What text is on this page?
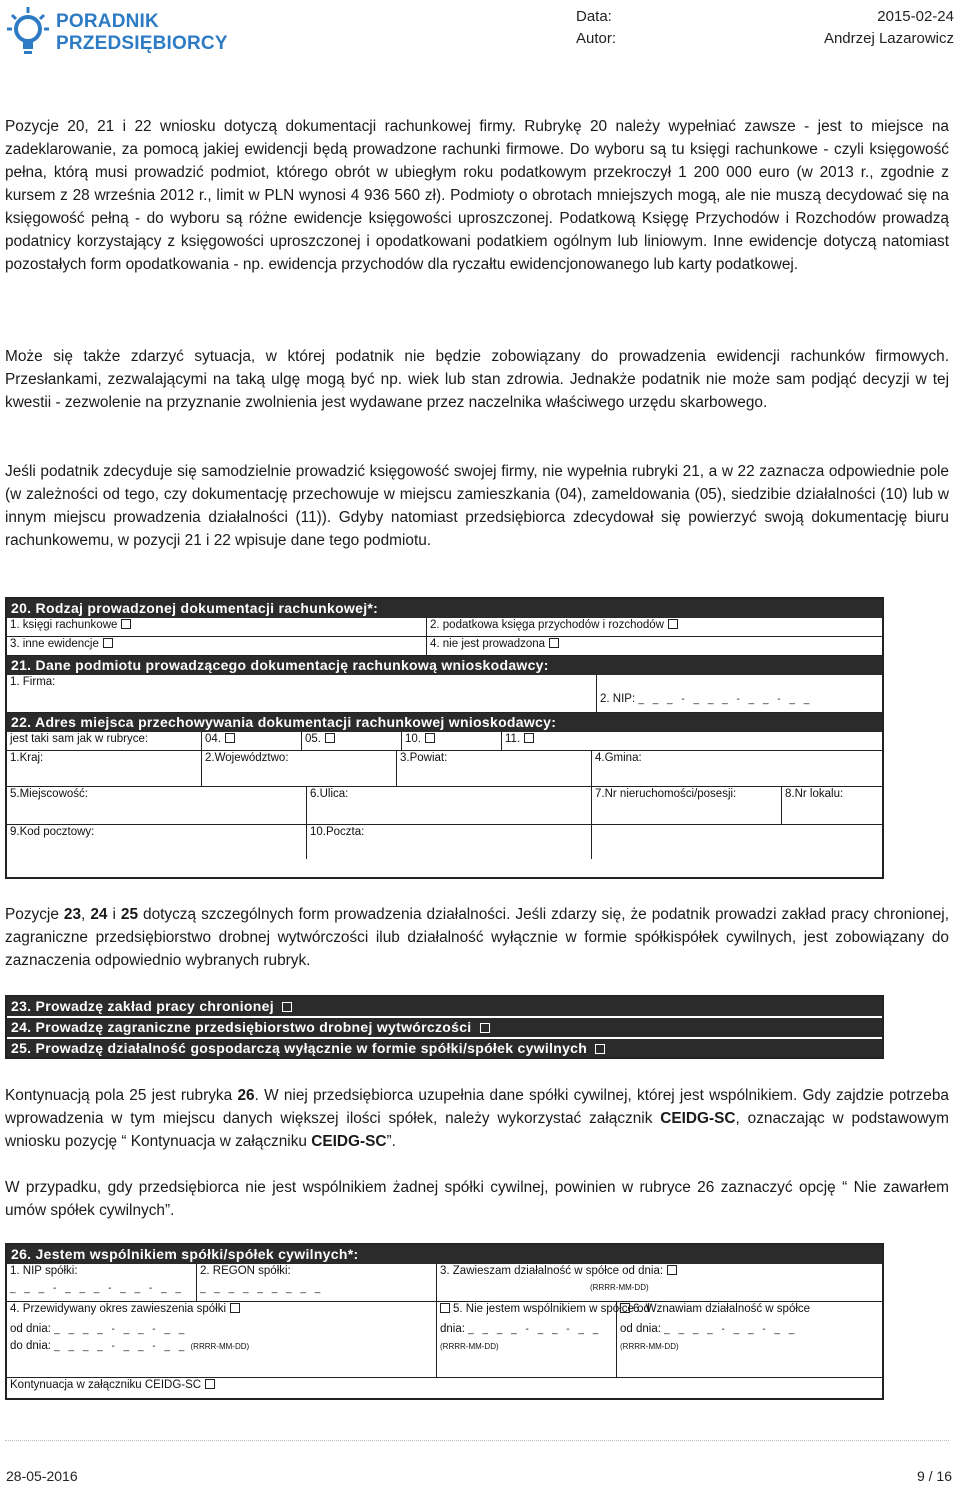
PORADNIK
PRZEDSIĘBIORCY
Data:
Autor:
2015-02-24
Andrzej Lazarowicz
Pozycje 20, 21 i 22 wniosku dotyczą dokumentacji rachunkowej firmy. Rubrykę 20 należy wypełniać zawsze - jest to miejsce na zadeklarowanie, za pomocą jakiej ewidencji będą prowadzone rachunki firmowe. Do wyboru są tu księgi rachunkowe - czyli księgowość pełna, którą musi prowadzić podmiot, którego obrót w ubiegłym roku podatkowym przekroczył 1 200 000 euro (w 2013 r., zgodnie z kursem z 28 września 2012 r., limit w PLN wynosi 4 936 560 zł). Podmioty o obrotach mniejszych mogą, ale nie muszą decydować się na księgowość pełną - do wyboru są różne ewidencje księgowości uproszczonej. Podatkową Księgę Przychodów i Rozchodów prowadzą podatnicy korzystający z księgowości uproszczonej i opodatkowani podatkiem ogólnym lub liniowym. Inne ewidencje dotyczą natomiast pozostałych form opodatkowania - np. ewidencja przychodów dla ryczałtu ewidencjonowanego lub karty podatkowej.
Może się także zdarzyć sytuacja, w której podatnik nie będzie zobowiązany do prowadzenia ewidencji rachunków firmowych. Przesłankami, zezwalającymi na taką ulgę mogą być np. wiek lub stan zdrowia. Jednakże podatnik nie może sam podjąć decyzji w tej kwestii - zezwolenie na przyznanie zwolnienia jest wydawane przez naczelnika właściwego urzędu skarbowego.
Jeśli podatnik zdecyduje się samodzielnie prowadzić księgowość swojej firmy, nie wypełnia rubryki 21, a w 22 zaznacza odpowiednie pole (w zależności od tego, czy dokumentację przechowuje w miejscu zamieszkania (04), zameldowania (05), siedzibie działalności (10) lub w innym miejscu prowadzenia działalności (11)). Gdyby natomiast przedsiębiorca zdecydował się powierzyć swoją dokumentację biuru rachunkowemu, w pozycji 21 i 22 wpisuje dane tego podmiotu.
20. Rodzaj prowadzonej dokumentacji rachunkowej*:
1. księgi rachunkowe	2. podatkowa księga przychodów i rozchodów
3. inne ewidencje	4. nie jest prowadzona
21. Dane podmiotu prowadzącego dokumentację rachunkową wnioskodawcy:
1. Firma:
2. NIP: _ _ _ - _ _ _ - _ _ - _ _
22. Adres miejsca przechowywania dokumentacji rachunkowej wnioskodawcy:
jest taki sam jak w rubryce:	04.	05.	10.	11.
1.Kraj:	2.Województwo:	3.Powiat:	4.Gmina:
5.Miejscowość:	6.Ulica:	7.Nr nieruchomości/posesji:	8.Nr lokalu:
9.Kod pocztowy:	10.Poczta:
Pozycje 23, 24 i 25 dotyczą szczególnych form prowadzenia działalności. Jeśli zdarzy się, że podatnik prowadzi zakład pracy chronionej, zagraniczne przedsiębiorstwo drobnej wytwórczości ilub działalność wyłącznie w formie spółkispółek cywilnych, jest zobowiązany do zaznaczenia odpowiednio wybranych rubryk.
23. Prowadzę zakład pracy chronionej
24. Prowadzę zagraniczne przedsiębiorstwo drobnej wytwórczości
25. Prowadzę działalność gospodarczą wyłącznie w formie spółki/spółek cywilnych
Kontynuacją pola 25 jest rubryka 26. W niej przedsiębiorca uzupełnia dane spółki cywilnej, której jest wspólnikiem. Gdy zajdzie potrzeba wprowadzenia w tym miejscu danych większej ilości spółek, należy wykorzystać załącznik CEIDG-SC, oznaczając w podstawowym wniosku pozycję “ Kontynuacja w załączniku CEIDG-SC”.
W przypadku, gdy przedsiębiorca nie jest wspólnikiem żadnej spółki cywilnej, powinien w rubryce 26 zaznaczyć opcję “ Nie zawarłem umów spółek cywilnych”.
26. Jestem wspólnikiem spółki/spółek cywilnych*:
1. NIP spółki:
_ _ _ - _ _ _ - _ _ - _ _
2. REGON spółki:
_ _ _ _ _ _ _ _ _
3. Zawieszam działalność w spółce od dnia:
(RRRR-MM-DD)
4. Przewidywany okres zawieszenia spółki
od dnia: _ _ _ _ - _ _ - _ _
do dnia: _ _ _ _ - _ _ - _ _ (RRRR-MM-DD)
5. Nie jestem wspólnikiem w spółce od
dnia: _ _ _ _ - _ _ - _ _
(RRRR-MM-DD)
6. Wznawiam działalność w spółce
od dnia: _ _ _ _ - _ _ - _ _
(RRRR-MM-DD)
Kontynuacja w załączniku CEIDG-SC
28-05-2016	9 / 16
